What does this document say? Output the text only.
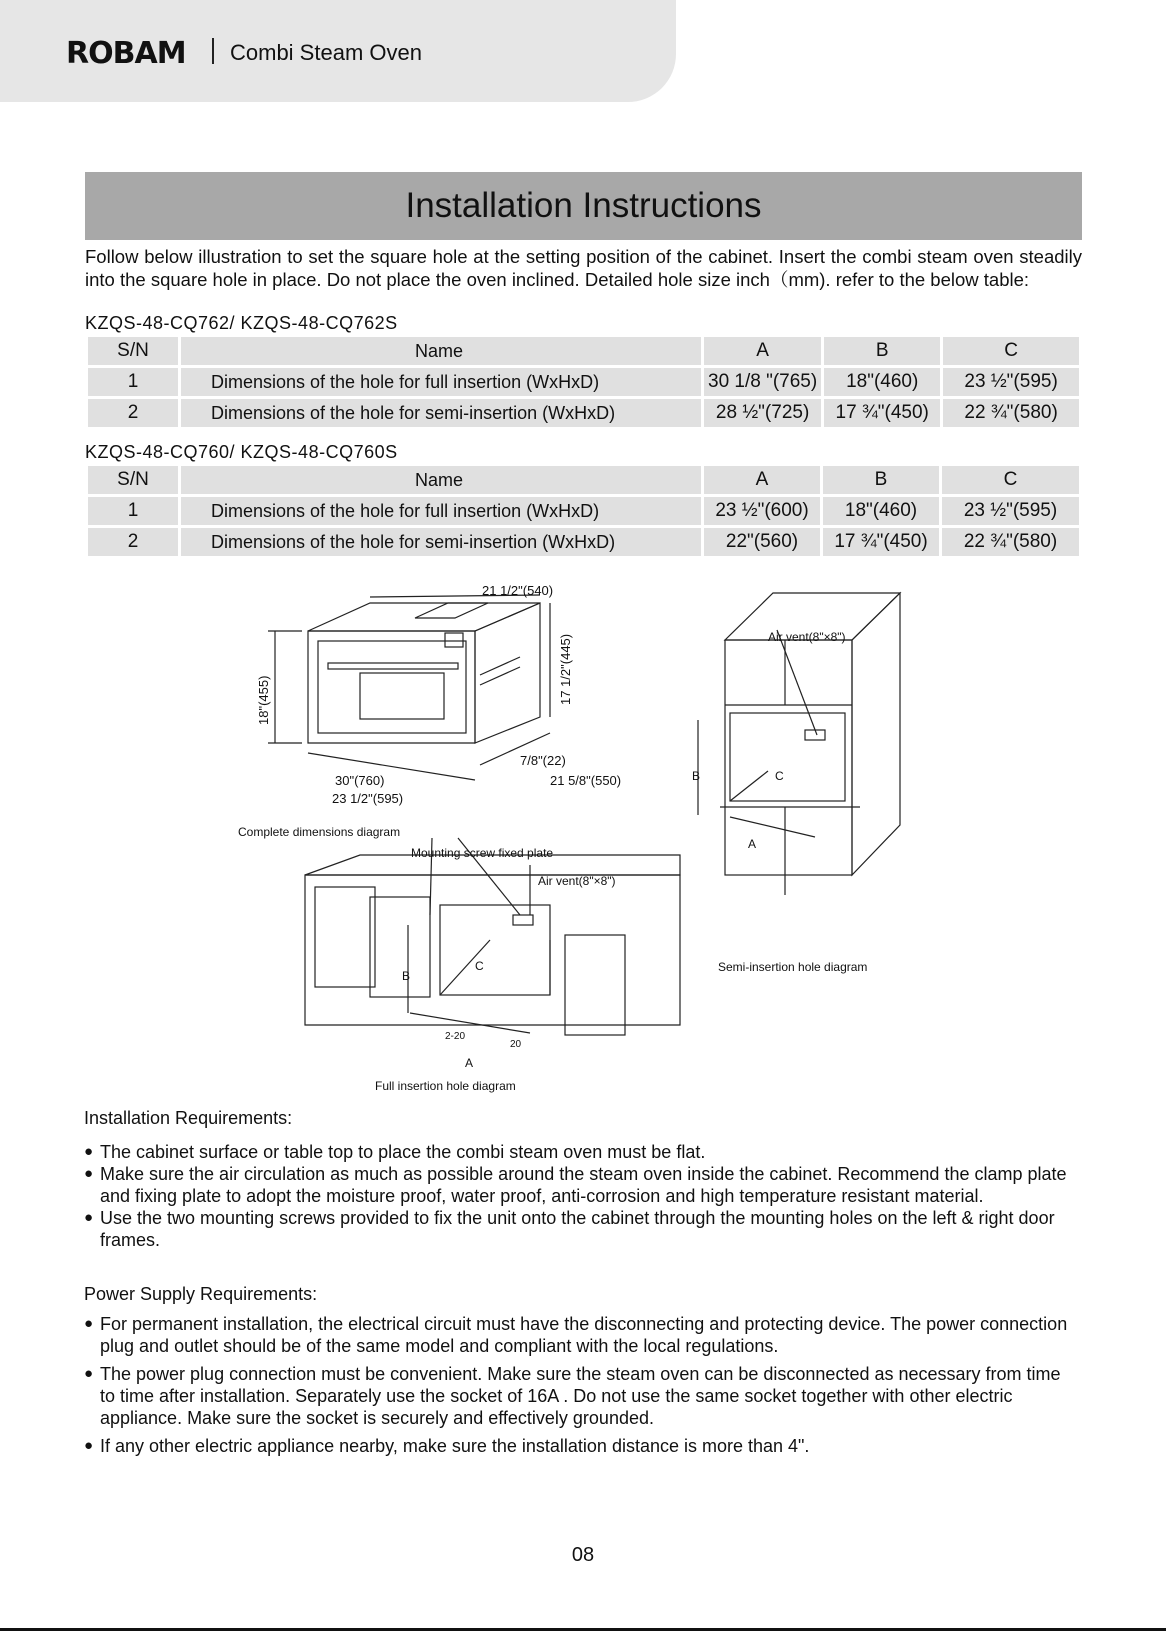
ROBAM Combi Steam Oven
Installation Instructions
Follow below illustration to set the square hole at the setting position of the cabinet. Insert the combi steam oven steadily into the square hole in place. Do not place the oven inclined. Detailed hole size inch（mm). refer to the below table:
KZQS-48-CQ762/ KZQS-48-CQ762S
S/N	Name	A	B	C
1	Dimensions of the hole for full insertion (WxHxD)	30 1/8 "(765)	18"(460)	23 ½"(595)
2	Dimensions of the hole for semi-insertion (WxHxD)	28 ½"(725)	17 ¾"(450)	22 ¾"(580)
KZQS-48-CQ760/ KZQS-48-CQ760S
S/N	Name	A	B	C
1	Dimensions of the hole for full insertion (WxHxD)	23 ½"(600)	18"(460)	23 ½"(595)
2	Dimensions of the hole for semi-insertion (WxHxD)	22"(560)	17 ¾"(450)	22 ¾"(580)
21 1/2"(540)
18"(455)	17 1/2"(445)
30"(760)
23 1/2"(595)
7/8"(22)
21 5/8"(550)
Complete dimensions diagram
Mounting screw fixed plate
Air vent(8"×8")
Air vent(8"×8")
Full insertion hole diagram
Semi-insertion hole diagram
A
B
C
2-20
20
A
B	C
Installation Requirements:

● The cabinet surface or table top to place the combi steam oven must be flat.

● Make sure the air circulation as much as possible around the steam oven inside the cabinet. Recommend the clamp plate and fixing plate to adopt the moisture proof, water proof, anti-corrosion and high temperature resistant material.

● Use the two mounting screws provided to fix the unit onto the cabinet through the mounting holes on the left & right door frames.

Power Supply Requirements:

● For permanent installation, the electrical circuit must have the disconnecting and protecting device. The power connection plug and outlet should be of the same model and compliant with the local regulations.

● The power plug connection must be convenient. Make sure the steam oven can be disconnected as necessary from time to time after installation. Separately use the socket of 16A . Do not use the same socket together with other electric appliance. Make sure the socket is securely and effectively grounded.

● If any other electric appliance nearby, make sure the installation distance is more than 4".

08
